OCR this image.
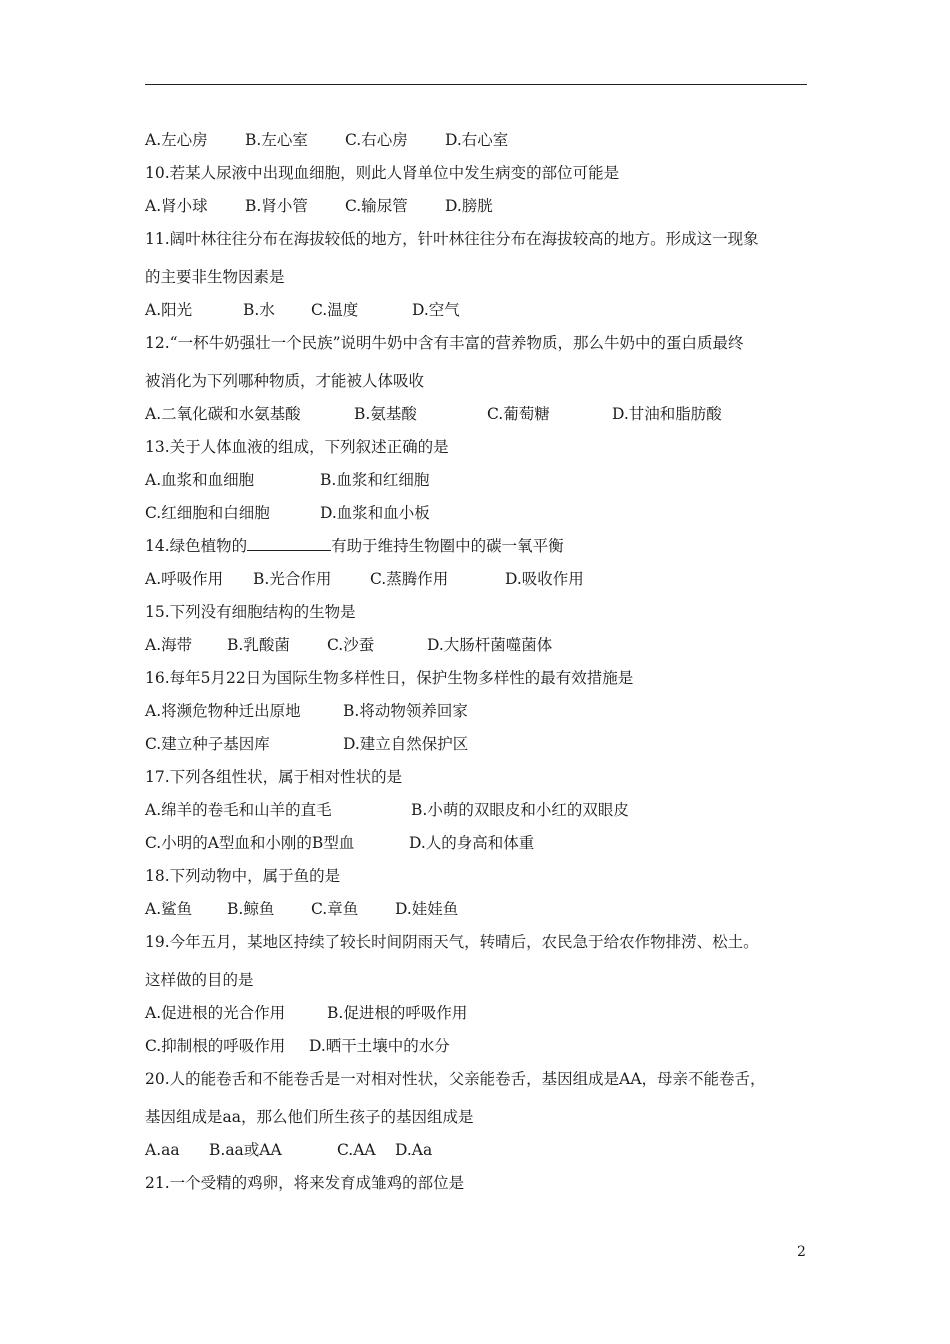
A.左心房 B.左心室 C.右心房 D.右心室
10.若某人尿液中出现血细胞，则此人肾单位中发生病变的部位可能是
A.肾小球 B.肾小管 C.输尿管 D.膀胱
11.阔叶林往往分布在海拔较低的地方，针叶林往往分布在海拔较高的地方。形成这一现象
的主要非生物因素是
A.阳光	B.水 C.温度	D.空气
12.“一杯牛奶强壮一个民族”说明牛奶中含有丰富的营养物质，那么牛奶中的蛋白质最终
被消化为下列哪种物质，才能被人体吸收
A.二氧化碳和水氨基酸	B.氨基酸	C.葡萄糖	D.甘油和脂肪酸
13.关于人体血液的组成，下列叙述正确的是
A.血浆和血细胞	B.血浆和红细胞
C.红细胞和白细胞	D.血浆和血小板
14.绿色植物的	有助于维持生物圈中的碳一氧平衡
A.呼吸作用 B.光合作用 C.蒸腾作用	D.吸收作用
15.下列没有细胞结构的生物是
A.海带 B.乳酸菌 C.沙蚕	D.大肠杆菌噬菌体
16.每年5月22日为国际生物多样性日，保护生物多样性的最有效措施是
A.将濒危物种迁出原地	B.将动物领养回家
C.建立种子基因库	D.建立自然保护区
17.下列各组性状，属于相对性状的是
A.绵羊的卷毛和山羊的直毛	B.小萌的双眼皮和小红的双眼皮
C.小明的A型血和小刚的B型血	D.人的身高和体重
18.下列动物中，属于鱼的是
A.鲨鱼 B.鲸鱼 C.章鱼 D.娃娃鱼
19.今年五月，某地区持续了较长时间阴雨天气，转晴后，农民急于给农作物排涝、松土。
这样做的目的是
A.促进根的光合作用	B.促进根的呼吸作用
C.抑制根的呼吸作用 D.晒干土壤中的水分
20.人的能卷舌和不能卷舌是一对相对性状，父亲能卷舌，基因组成是AA，母亲不能卷舌，
基因组成是aa，那么他们所生孩子的基因组成是
A.aa B.aa或AA	C.AA D.Aa
21.一个受精的鸡卵，将来发育成雏鸡的部位是
2
